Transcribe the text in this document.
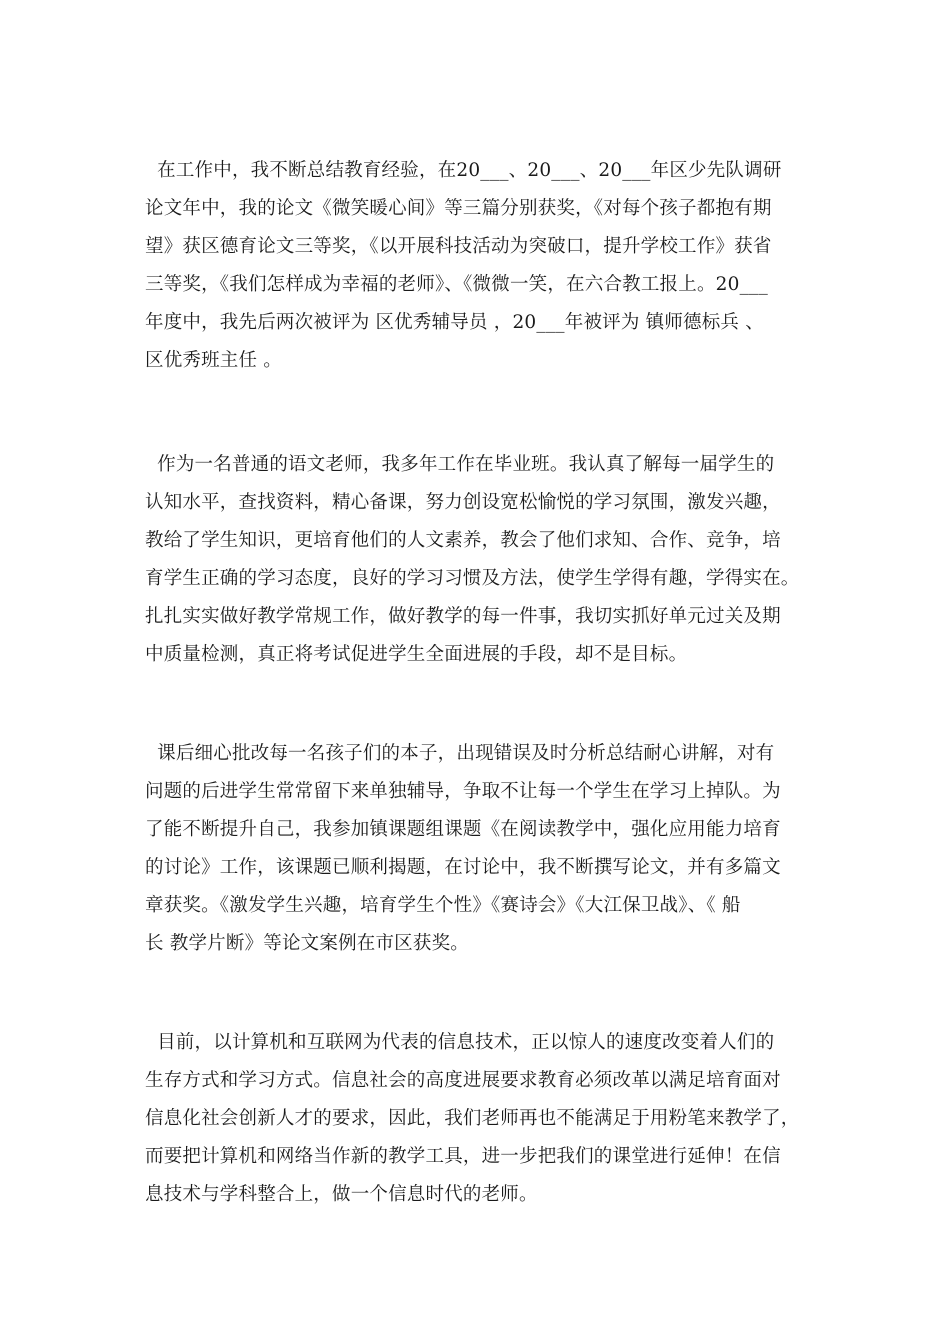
在工作中，我不断总结教育经验，在20___、20___、20___年区少先队调研
论文年中，我的论文《微笑暖心间》等三篇分别获奖，《对每个孩子都抱有期
望》获区德育论文三等奖，《以开展科技活动为突破口，提升学校工作》获省
三等奖，《我们怎样成为幸福的老师》、《微微一笑，在六合教工报上。20___
年度中，我先后两次被评为 区优秀辅导员 ，20___年被评为 镇师德标兵 、
区优秀班主任 。
作为一名普通的语文老师，我多年工作在毕业班。我认真了解每一届学生的
认知水平，查找资料，精心备课，努力创设宽松愉悦的学习氛围，激发兴趣，
教给了学生知识，更培育他们的人文素养，教会了他们求知、合作、竞争，培
育学生正确的学习态度，良好的学习习惯及方法，使学生学得有趣，学得实在。
扎扎实实做好教学常规工作，做好教学的每一件事，我切实抓好单元过关及期
中质量检测，真正将考试促进学生全面进展的手段，却不是目标。
课后细心批改每一名孩子们的本子，出现错误及时分析总结耐心讲解，对有
问题的后进学生常常留下来单独辅导，争取不让每一个学生在学习上掉队。为
了能不断提升自己，我参加镇课题组课题《在阅读教学中，强化应用能力培育
的讨论》工作，该课题已顺利揭题，在讨论中，我不断撰写论文，并有多篇文
章获奖。《激发学生兴趣，培育学生个性》《赛诗会》《大江保卫战》、《 船
长 教学片断》等论文案例在市区获奖。
目前，以计算机和互联网为代表的信息技术，正以惊人的速度改变着人们的
生存方式和学习方式。信息社会的高度进展要求教育必须改革以满足培育面对
信息化社会创新人才的要求，因此，我们老师再也不能满足于用粉笔来教学了，
而要把计算机和网络当作新的教学工具，进一步把我们的课堂进行延伸！在信
息技术与学科整合上，做一个信息时代的老师。
